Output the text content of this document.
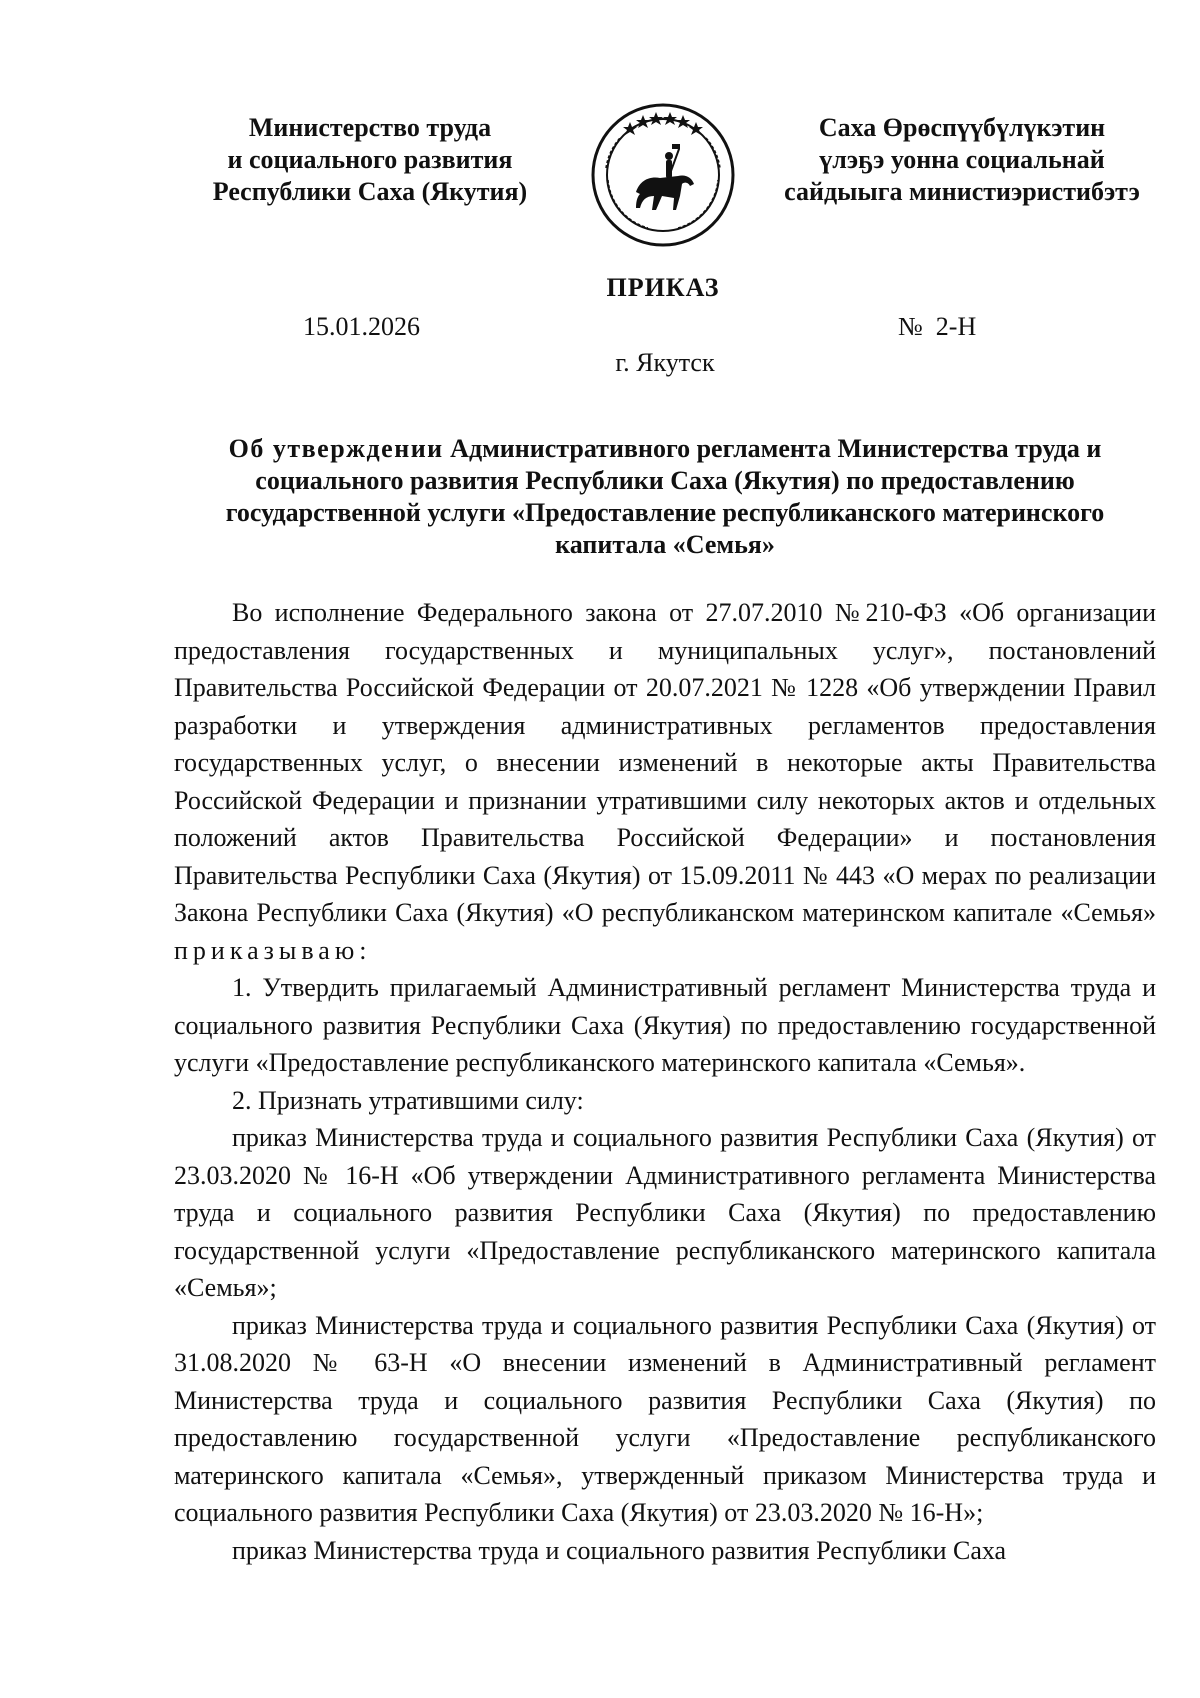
Министерство труда
и социального развития
Республики Саха (Якутия)
Саха Өрөспүүбүлүкэтин
үлэҕэ уонна социальнай
сайдыыга министиэристибэтэ
ПРИКАЗ
15.01.2026	№  2-Н
г. Якутск
Об утверждении Административного регламента Министерства труда и социального развития Республики Саха (Якутия) по предоставлению государственной услуги «Предоставление республиканского материнского капитала «Семья»

Во исполнение Федерального закона от 27.07.2010 №210-ФЗ «Об организации предоставления государственных и муниципальных услуг», постановлений Правительства Российской Федерации от 20.07.2021 № 1228 «Об утверждении Правил разработки и утверждения административных регламентов предоставления государственных услуг, о внесении изменений в некоторые акты Правительства Российской Федерации и признании утратившими силу некоторых актов и отдельных положений актов Правительства Российской Федерации» и постановления Правительства Республики Саха (Якутия) от 15.09.2011 № 443 «О мерах по реализации Закона Республики Саха (Якутия) «О республиканском материнском капитале «Семья» приказываю:

1. Утвердить прилагаемый Административный регламент Министерства труда и социального развития Республики Саха (Якутия) по предоставлению государственной услуги «Предоставление республиканского материнского капитала «Семья».

2. Признать утратившими силу:

приказ Министерства труда и социального развития Республики Саха (Якутия) от 23.03.2020 № 16-Н «Об утверждении Административного регламента Министерства труда и социального развития Республики Саха (Якутия) по предоставлению государственной услуги «Предоставление республиканского материнского капитала «Семья»;

приказ Министерства труда и социального развития Республики Саха (Якутия) от 31.08.2020 № 63-Н «О внесении изменений в Административный регламент Министерства труда и социального развития Республики Саха (Якутия) по предоставлению государственной услуги «Предоставление республиканского материнского капитала «Семья», утвержденный приказом Министерства труда и социального развития Республики Саха (Якутия) от 23.03.2020 № 16-Н»;

приказ Министерства труда и социального развития Республики Саха
